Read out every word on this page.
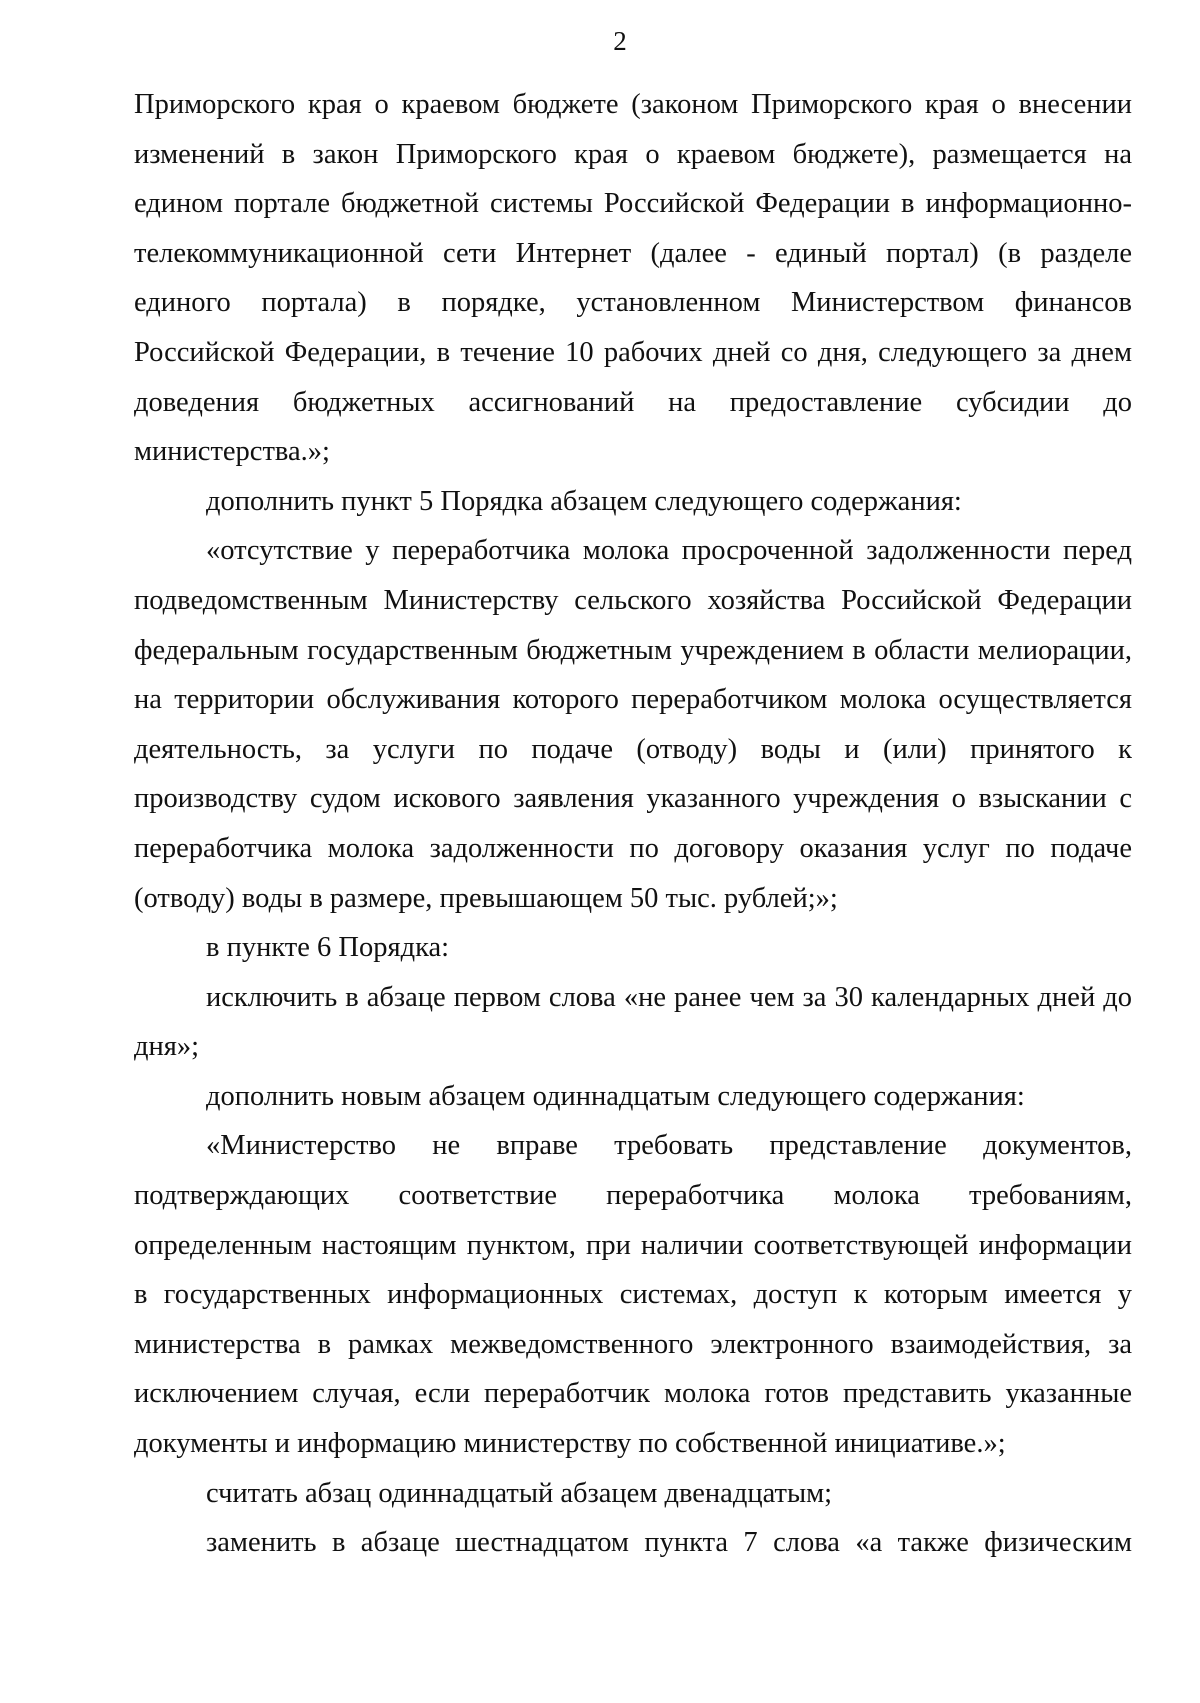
2

Приморского края о краевом бюджете (законом Приморского края о внесении изменений в закон Приморского края о краевом бюджете), размещается на едином портале бюджетной системы Российской Федерации в информационно-телекоммуникационной сети Интернет (далее - единый портал) (в разделе единого портала) в порядке, установленном Министерством финансов Российской Федерации, в течение 10 рабочих дней со дня, следующего за днем доведения бюджетных ассигнований на предоставление субсидии до министерства.»;

дополнить пункт 5 Порядка абзацем следующего содержания:

«отсутствие у переработчика молока просроченной задолженности перед подведомственным Министерству сельского хозяйства Российской Федерации федеральным государственным бюджетным учреждением в области мелиорации, на территории обслуживания которого переработчиком молока осуществляется деятельность, за услуги по подаче (отводу) воды и (или) принятого к производству судом искового заявления указанного учреждения о взыскании с переработчика молока задолженности по договору оказания услуг по подаче (отводу) воды в размере, превышающем 50 тыс. рублей;»;

в пункте 6 Порядка:

исключить в абзаце первом слова «не ранее чем за 30 календарных дней до дня»;

дополнить новым абзацем одиннадцатым следующего содержания:

«Министерство не вправе требовать представление документов, подтверждающих соответствие переработчика молока требованиям, определенным настоящим пунктом, при наличии соответствующей информации в государственных информационных системах, доступ к которым имеется у министерства в рамках межведомственного электронного взаимодействия, за исключением случая, если переработчик молока готов представить указанные документы и информацию министерству по собственной инициативе.»;

считать абзац одиннадцатый абзацем двенадцатым;

заменить в абзаце шестнадцатом пункта 7 слова «а также физическим
